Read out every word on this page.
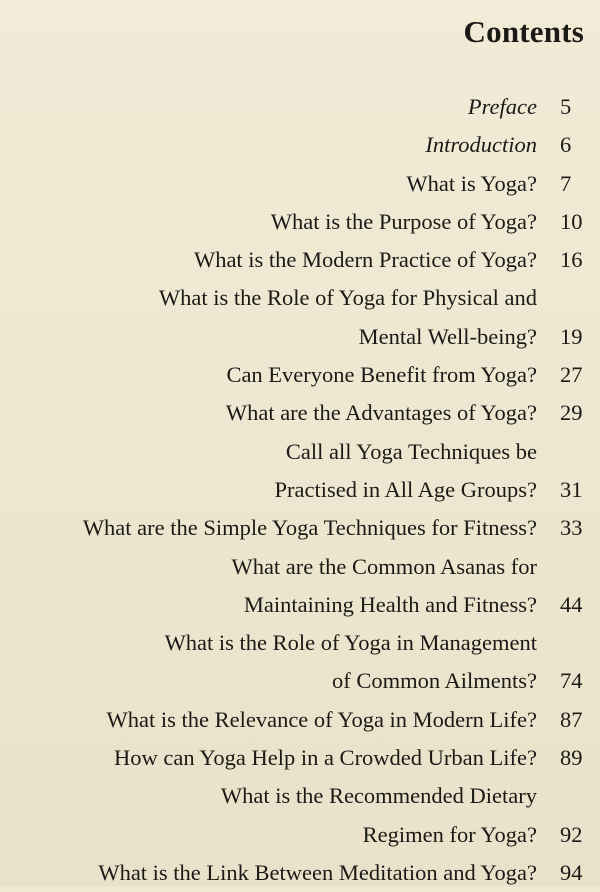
Contents
Preface 5
Introduction 6
What is Yoga? 7
What is the Purpose of Yoga? 10
What is the Modern Practice of Yoga? 16
What is the Role of Yoga for Physical and
Mental Well-being? 19
Can Everyone Benefit from Yoga? 27
What are the Advantages of Yoga? 29
Call all Yoga Techniques be
Practised in All Age Groups? 31
What are the Simple Yoga Techniques for Fitness? 33
What are the Common Asanas for
Maintaining Health and Fitness? 44
What is the Role of Yoga in Management
of Common Ailments? 74
What is the Relevance of Yoga in Modern Life? 87
How can Yoga Help in a Crowded Urban Life? 89
What is the Recommended Dietary
Regimen for Yoga? 92
What is the Link Between Meditation and Yoga? 94
